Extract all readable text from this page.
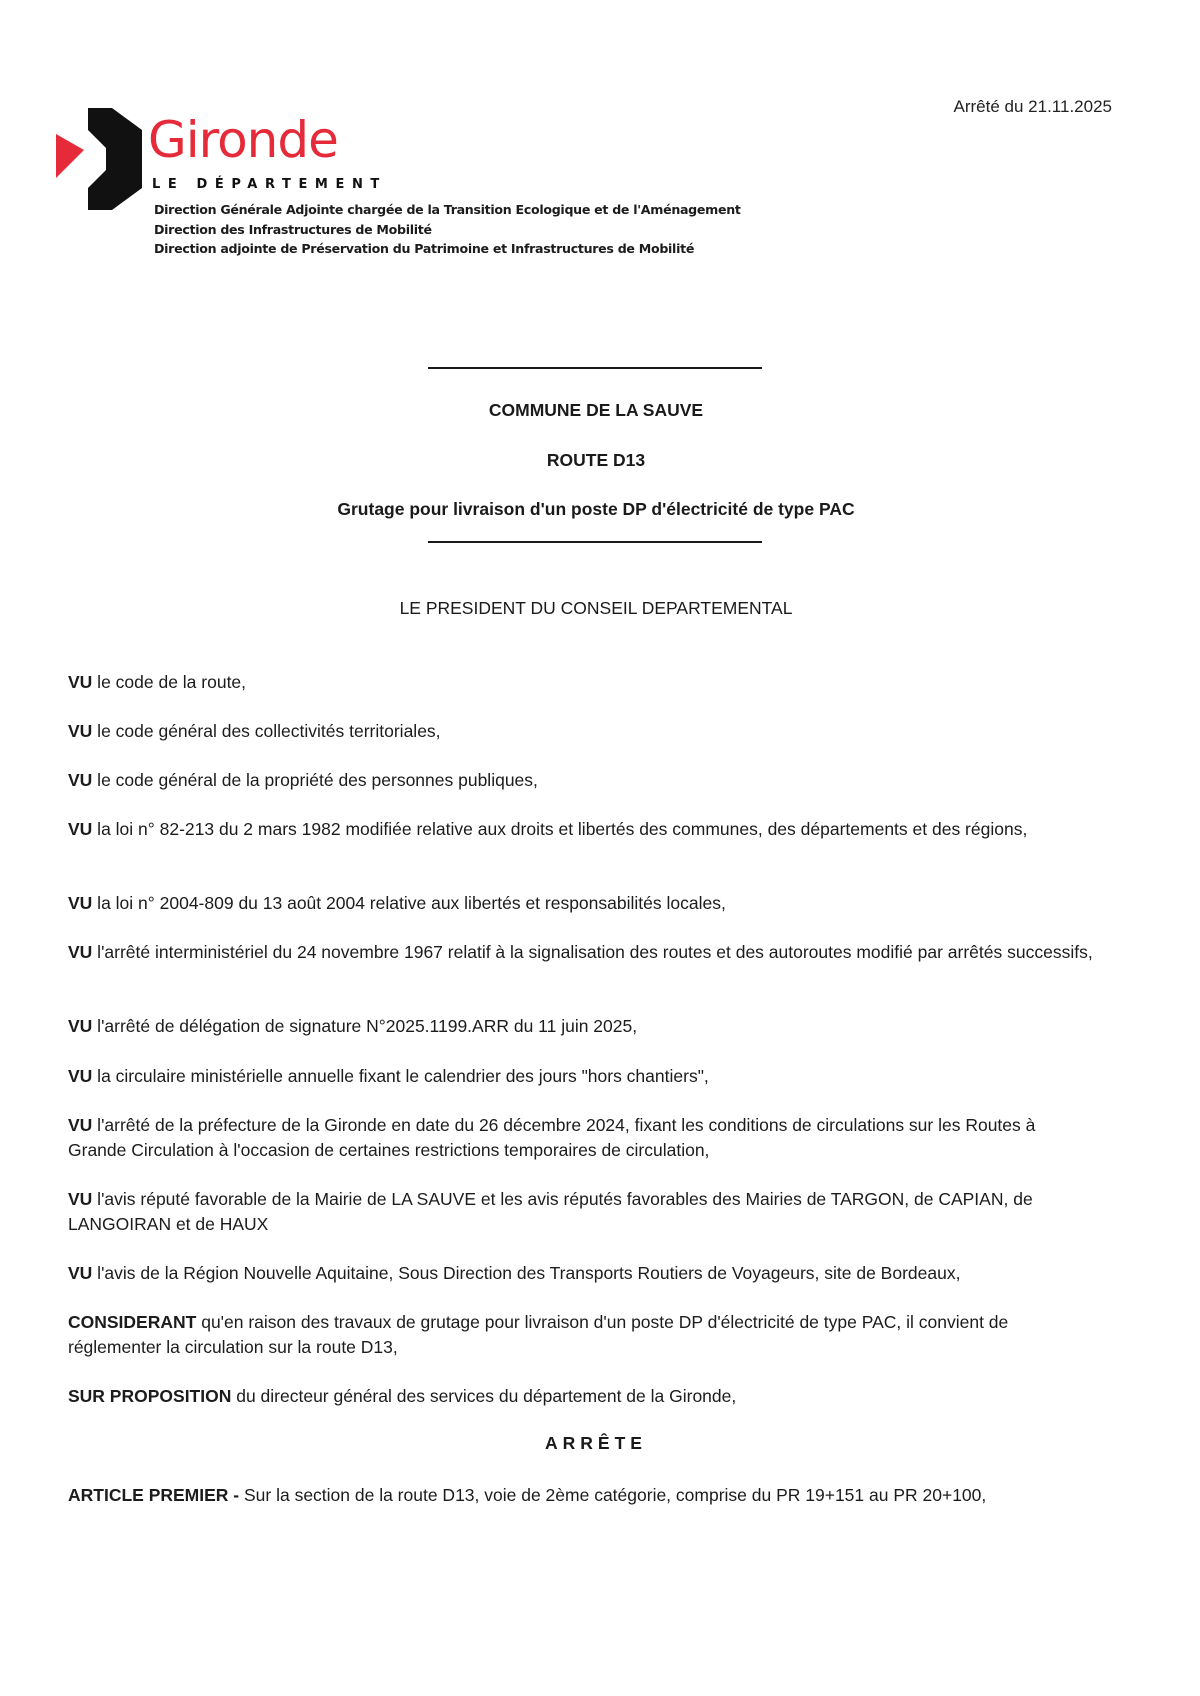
Gironde
LE DÉPARTEMENT
Direction Générale Adjointe chargée de la Transition Ecologique et de l'Aménagement
Direction des Infrastructures de Mobilité
Direction adjointe de Préservation du Patrimoine et Infrastructures de Mobilité
Arrêté du 21.11.2025
COMMUNE DE LA SAUVE
ROUTE D13
Grutage pour livraison d'un poste DP d'électricité de type PAC
LE PRESIDENT DU CONSEIL DEPARTEMENTAL
VU le code de la route,
VU le code général des collectivités territoriales,
VU le code général de la propriété des personnes publiques,
VU la loi n° 82-213 du 2 mars 1982 modifiée relative aux droits et libertés des communes, des départements et des régions,
VU la loi n° 2004-809 du 13 août 2004 relative aux libertés et responsabilités locales,
VU l'arrêté interministériel du 24 novembre 1967 relatif à la signalisation des routes et des autoroutes modifié par arrêtés successifs,
VU l'arrêté de délégation de signature N°2025.1199.ARR du 11 juin 2025,
VU la circulaire ministérielle annuelle fixant le calendrier des jours "hors chantiers",
VU l'arrêté de la préfecture de la Gironde en date du 26 décembre 2024, fixant les conditions de circulations sur les Routes à Grande Circulation à l'occasion de certaines restrictions temporaires de circulation,
VU l'avis réputé favorable de la Mairie de LA SAUVE et les avis réputés favorables des Mairies de TARGON, de CAPIAN, de LANGOIRAN et de HAUX
VU l'avis de la Région Nouvelle Aquitaine, Sous Direction des Transports Routiers de Voyageurs, site de Bordeaux,
CONSIDERANT qu'en raison des travaux de grutage pour livraison d'un poste DP d'électricité de type PAC, il convient de réglementer la circulation sur la route D13,
SUR PROPOSITION du directeur général des services du département de la Gironde,
ARRÊTE
ARTICLE PREMIER - Sur la section de la route D13, voie de 2ème catégorie, comprise du PR 19+151 au PR 20+100,
